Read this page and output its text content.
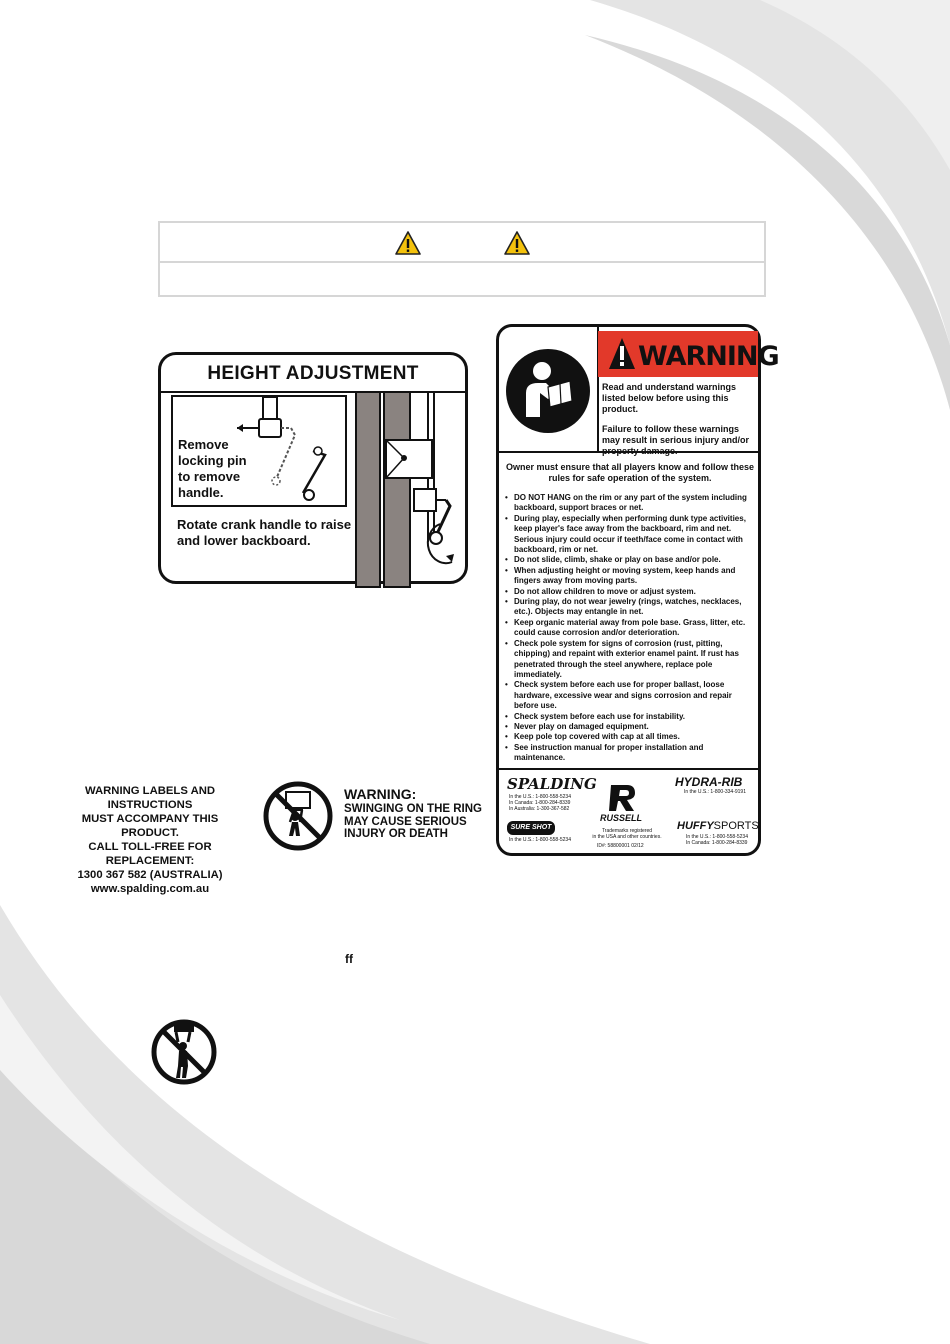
HEIGHT ADJUSTMENT
Remove
locking pin
to remove
handle.
Rotate crank handle to raise and lower backboard.
WARNING
Read and understand warnings listed below before using this product.
Failure to follow these warnings may result in serious injury and/or property damage.
Owner must ensure that all players know and follow these rules for safe operation of the system.
• DO NOT HANG on the rim or any part of the system including backboard, support braces or net.
• During play, especially when performing dunk type activities, keep player's face away from the backboard, rim and net. Serious injury could occur if teeth/face come in contact with backboard, rim or net.
• Do not slide, climb, shake or play on base and/or pole.
• When adjusting height or moving system, keep hands and fingers away from moving parts.
• Do not allow children to move or adjust system.
• During play, do not wear jewelry (rings, watches, necklaces, etc.). Objects may entangle in net.
• Keep organic material away from pole base. Grass, litter, etc. could cause corrosion and/or deterioration.
• Check pole system for signs of corrosion (rust, pitting, chipping) and repaint with exterior enamel paint. If rust has penetrated through the steel anywhere, replace pole immediately.
• Check system before each use for proper ballast, loose hardware, excessive wear and signs corrosion and repair before use.
• Check system before each use for instability.
• Never play on damaged equipment.
• Keep pole top covered with cap at all times.
• See instruction manual for proper installation and maintenance.
SPALDING
In the U.S.: 1-800-558-5234
In Canada: 1-800-284-8339
In Australia: 1-300-367-582
HYDRA-RIB
In the U.S.: 1-800-334-9191
RUSSELL
Trademarks registered
in the USA and other countries.
ID#: 58800001 02/12
SURE SHOT
In the U.S.: 1-800-558-5234
HUFFYSPORTS
In the U.S.: 1-800-558-5234
In Canada: 1-800-284-8339
WARNING LABELS AND INSTRUCTIONS
MUST ACCOMPANY THIS PRODUCT.
CALL TOLL-FREE FOR REPLACEMENT:
1300 367 582 (AUSTRALIA)
www.spalding.com.au
WARNING:
SWINGING ON THE RING
MAY CAUSE SERIOUS
INJURY OR DEATH
ff
